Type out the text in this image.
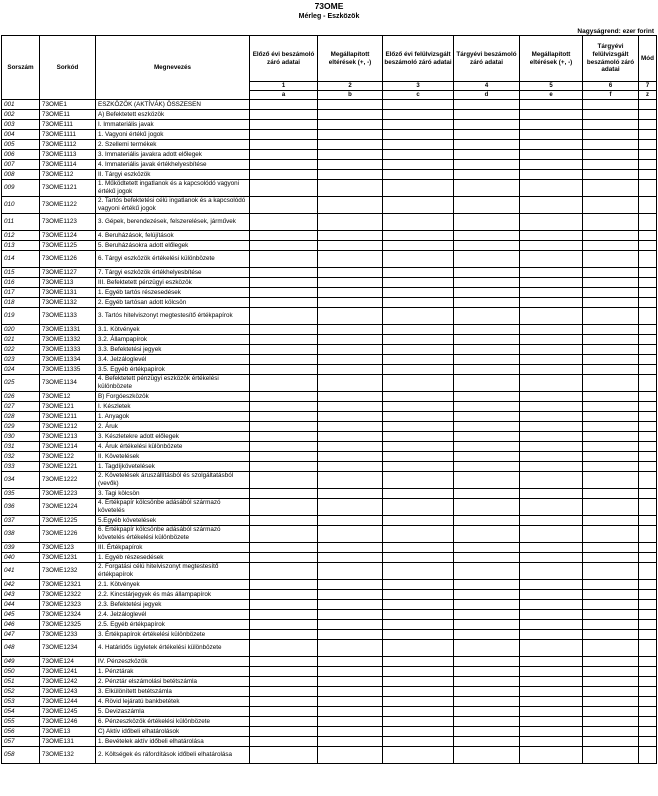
73OME
Mérleg - Eszközök
Nagyságrend: ezer forint
Sorszám	Sorkód	Megnevezés	Előző évi beszámoló záró adatai	Megállapított eltérések (+, -)	Előző évi felülvizsgált beszámoló záró adatai	Tárgyévi beszámoló záró adatai	Megállapított eltérések (+, -)	Tárgyévi felülvizsgált beszámoló záró adatai	Mód
			1	2	3	4	5	6	7
			a	b	c	d	e	f	z
001	73OME1	ESZKÖZÖK (AKTÍVÁK) ÖSSZESEN							
002	73OME11	A) Befektetett eszközök							
003	73OME111	I. Immateriális javak							
004	73OME1111	1. Vagyoni értékű jogok							
005	73OME1112	2. Szellemi termékek							
006	73OME1113	3. Immateriális javakra adott előlegek							
007	73OME1114	4. Immateriális javak értékhelyesbítése							
008	73OME112	II. Tárgyi eszközök							
009	73OME1121	1. Működtetett ingatlanok és a kapcsolódó vagyoni értékű jogok							
010	73OME1122	2. Tartós befektetési célú ingatlanok és a kapcsolódó vagyoni értékű jogok							
011	73OME1123	3. Gépek, berendezések, felszerelések, járművek							
012	73OME1124	4. Beruházások, felújítások							
013	73OME1125	5. Beruházásokra adott előlegek							
014	73OME1126	6. Tárgyi eszközök értékelési különbözete							
015	73OME1127	7. Tárgyi eszközök értékhelyesbítése							
016	73OME113	III. Befektetett pénzügyi eszközök							
017	73OME1131	1. Egyéb tartós részesedések							
018	73OME1132	2. Egyéb tartósan adott kölcsön							
019	73OME1133	3. Tartós hitelviszonyt megtestesítő értékpapírok							
020	73OME11331	3.1. Kötvények							
021	73OME11332	3.2. Állampapírok							
022	73OME11333	3.3. Befektetési jegyek							
023	73OME11334	3.4. Jelzáloglevél							
024	73OME11335	3.5. Egyéb értékpapírok							
025	73OME1134	4. Befektetett pénzügyi eszközök értékelési különbözete							
026	73OME12	B) Forgóeszközök							
027	73OME121	I. Készletek							
028	73OME1211	1. Anyagok							
029	73OME1212	2. Áruk							
030	73OME1213	3. Készletekre adott előlegek							
031	73OME1214	4. Áruk értékelési különbözete							
032	73OME122	II. Követelések							
033	73OME1221	1. Tagdíjkövetelések							
034	73OME1222	2. Követelések áruszállításból és szolgáltatásból (vevők)							
035	73OME1223	3. Tagi kölcsön							
036	73OME1224	4. Értékpapír kölcsönbe adásából származó követelés							
037	73OME1225	5.Egyéb követelések							
038	73OME1226	6. Értékpapír kölcsönbe adásából származó követelés értékelési különbözete							
039	73OME123	III. Értékpapírok							
040	73OME1231	1. Egyéb részesedések							
041	73OME1232	2. Forgatási célú hitelviszonyt megtestesítő értékpapírok							
042	73OME12321	2.1. Kötvények							
043	73OME12322	2.2. Kincstárjegyek és más állampapírok							
044	73OME12323	2.3. Befektetési jegyek							
045	73OME12324	2.4. Jelzáloglevél							
046	73OME12325	2.5. Egyéb értékpapírok							
047	73OME1233	3. Értékpapírok értékelési különbözete							
048	73OME1234	4. Határidős ügyletek értékelési különbözete							
049	73OME124	IV. Pénzeszközök							
050	73OME1241	1. Pénztárak							
051	73OME1242	2. Pénztár elszámolási betétszámla							
052	73OME1243	3. Elkülönített betétszámla							
053	73OME1244	4. Rövid lejáratú bankbetétek							
054	73OME1245	5. Devizaszámla							
055	73OME1246	6. Pénzeszközök értékelési különbözete							
056	73OME13	C) Aktív időbeli elhatárolások							
057	73OME131	1. Bevételek aktív időbeli elhatárolása							
058	73OME132	2. Költségek és ráfordítások időbeli elhatárolása							
